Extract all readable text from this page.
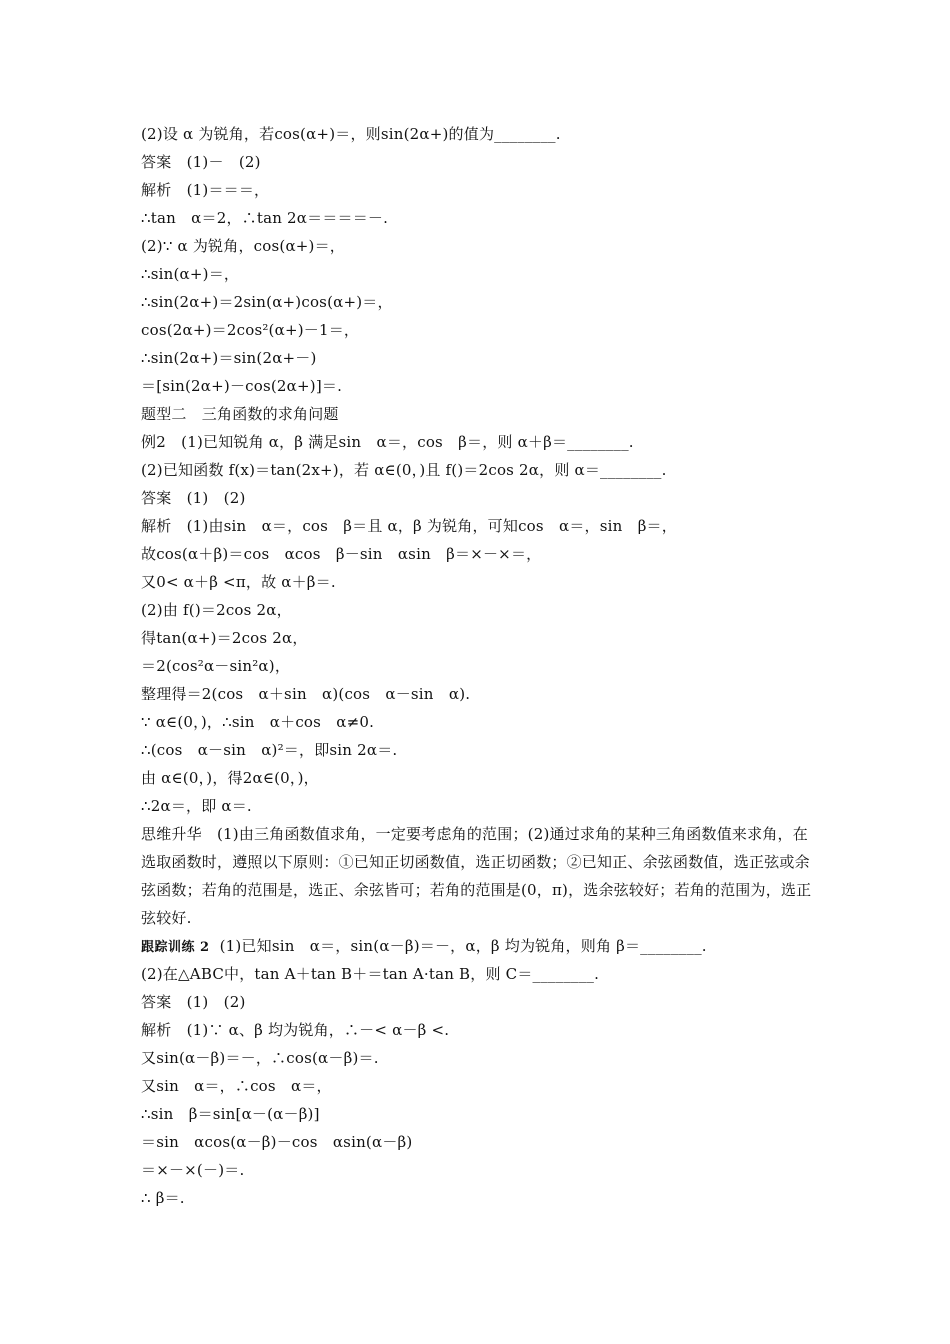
(2)设 α 为锐角，若cos(α+)＝，则sin(2α+)的值为________.
答案　(1)－　(2)
解析　(1)＝＝＝，
∴tan　α＝2，∴tan 2α＝＝＝＝－.
(2)∵ α 为锐角，cos(α+)＝，
∴sin(α+)＝，
∴sin(2α+)＝2sin(α+)cos(α+)＝，
cos(2α+)＝2cos²(α+)－1＝，
∴sin(2α+)＝sin(2α+－)
＝[sin(2α+)－cos(2α+)]＝.
题型二　三角函数的求角问题
例2　(1)已知锐角 α，β 满足sin　α＝，cos　β＝，则 α＋β＝________.
(2)已知函数 f(x)＝tan(2x+)，若 α∈(0，)且 f()＝2cos 2α，则 α＝________.
答案　(1)　(2)
解析　(1)由sin　α＝，cos　β＝且 α，β 为锐角，可知cos　α＝，sin　β＝，
故cos(α＋β)＝cos　αcos　β－sin　αsin　β＝×－×＝，
又0< α＋β <π，故 α＋β＝.
(2)由 f()＝2cos 2α，
得tan(α+)＝2cos 2α，
＝2(cos²α－sin²α)，
整理得＝2(cos　α＋sin　α)(cos　α－sin　α).
∵ α∈(0，)，∴sin　α＋cos　α≠0.
∴(cos　α－sin　α)²＝，即sin 2α＝.
由 α∈(0，)，得2α∈(0，)，
∴2α＝，即 α＝.
思维升华　(1)由三角函数值求角，一定要考虑角的范围；(2)通过求角的某种三角函数值来求角，在选取函数时，遵照以下原则：①已知正切函数值，选正切函数；②已知正、余弦函数值，选正弦或余弦函数；若角的范围是，选正、余弦皆可；若角的范围是(0，π)，选余弦较好；若角的范围为，选正弦较好.
跟踪训练 2 (1)已知sin　α＝，sin(α－β)＝－，α，β 均为锐角，则角 β＝________.
(2)在△ABC中，tan A＋tan B＋＝tan A·tan B，则 C＝________.
答案　(1)　(2)
解析　(1)∵ α、β 均为锐角，∴－< α－β <.
又sin(α－β)＝－，∴cos(α－β)＝.
又sin　α＝，∴cos　α＝，
∴sin　β＝sin[α－(α－β)]
＝sin　αcos(α－β)－cos　αsin(α－β)
＝×－×(－)＝.
∴ β＝.
